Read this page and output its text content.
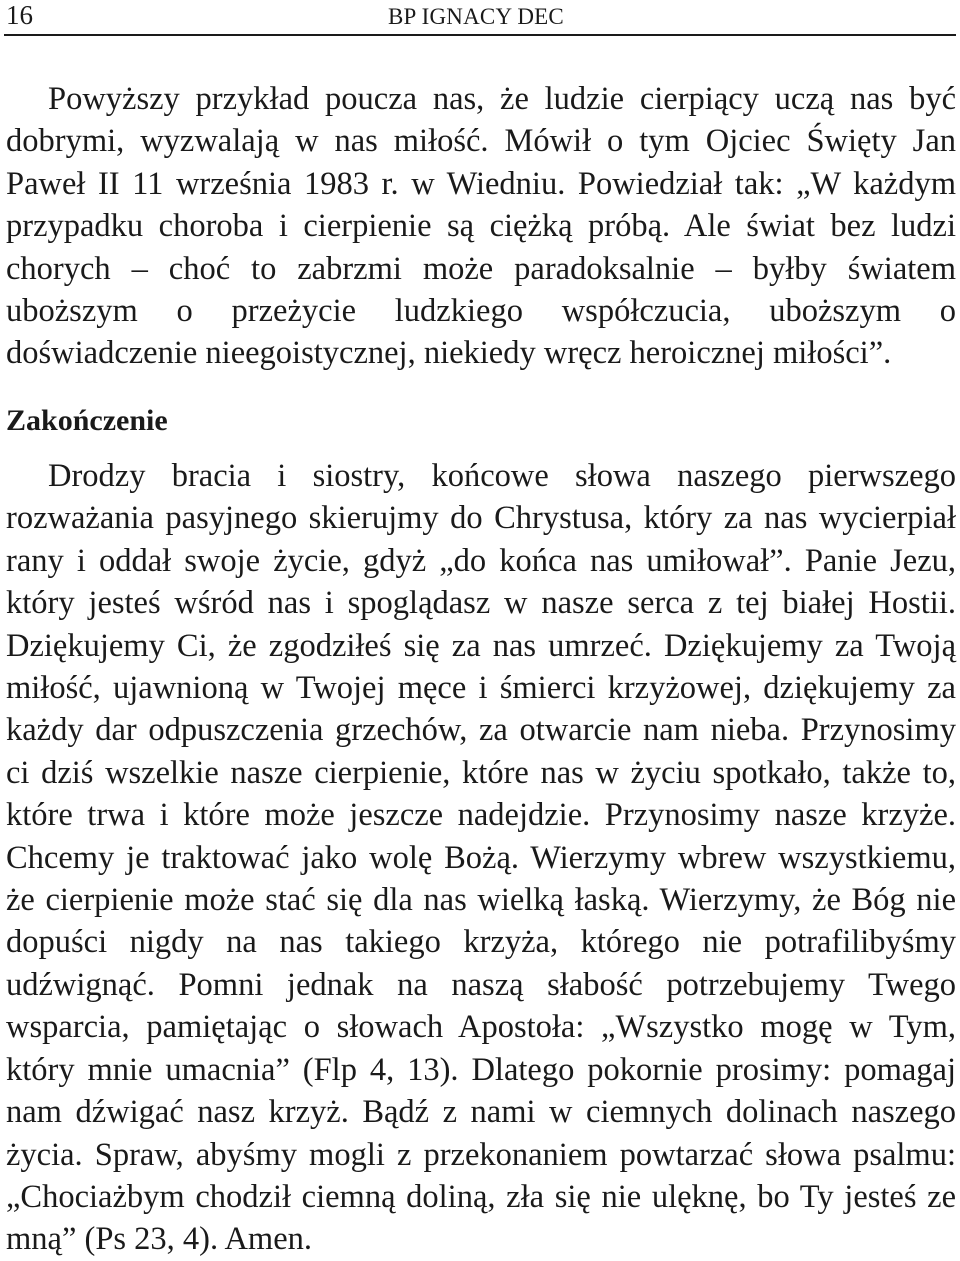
16	BP IGNACY DEC

Powyższy przykład poucza nas, że ludzie cierpiący uczą nas być dobrymi, wyzwalają w nas miłość. Mówił o tym Ojciec Święty Jan Paweł II 11 września 1983 r. w Wiedniu. Powiedział tak: „W każdym przypadku choroba i cierpienie są ciężką próbą. Ale świat bez ludzi chorych – choć to zabrzmi może paradoksalnie – byłby światem uboższym o przeżycie ludzkiego współczucia, uboższym o doświadczenie nieegoistycznej, niekiedy wręcz heroicznej miłości”.

Zakończenie

Drodzy bracia i siostry, końcowe słowa naszego pierwszego rozważania pasyjnego skierujmy do Chrystusa, który za nas wycierpiał rany i oddał swoje życie, gdyż „do końca nas umiłował”. Panie Jezu, który jesteś wśród nas i spoglądasz w nasze serca z tej białej Hostii. Dziękujemy Ci, że zgodziłeś się za nas umrzeć. Dziękujemy za Twoją miłość, ujawnioną w Twojej męce i śmierci krzyżowej, dziękujemy za każdy dar odpuszczenia grzechów, za otwarcie nam nieba. Przynosimy ci dziś wszelkie nasze cierpienie, które nas w życiu spotkało, także to, które trwa i które może jeszcze nadejdzie. Przynosimy nasze krzyże. Chcemy je traktować jako wolę Bożą. Wierzymy wbrew wszystkiemu, że cierpienie może stać się dla nas wielką łaską. Wierzymy, że Bóg nie dopuści nigdy na nas takiego krzyża, którego nie potrafilibyśmy udźwignąć. Pomni jednak na naszą słabość potrzebujemy Twego wsparcia, pamiętając o słowach Apostoła: „Wszystko mogę w Tym, który mnie umacnia” (Flp 4, 13). Dlatego pokornie prosimy: pomagaj nam dźwigać nasz krzyż. Bądź z nami w ciemnych dolinach naszego życia. Spraw, abyśmy mogli z przekonaniem powtarzać słowa psalmu: „Chociażbym chodził ciemną doliną, zła się nie ulęknę, bo Ty jesteś ze mną” (Ps 23, 4). Amen.
